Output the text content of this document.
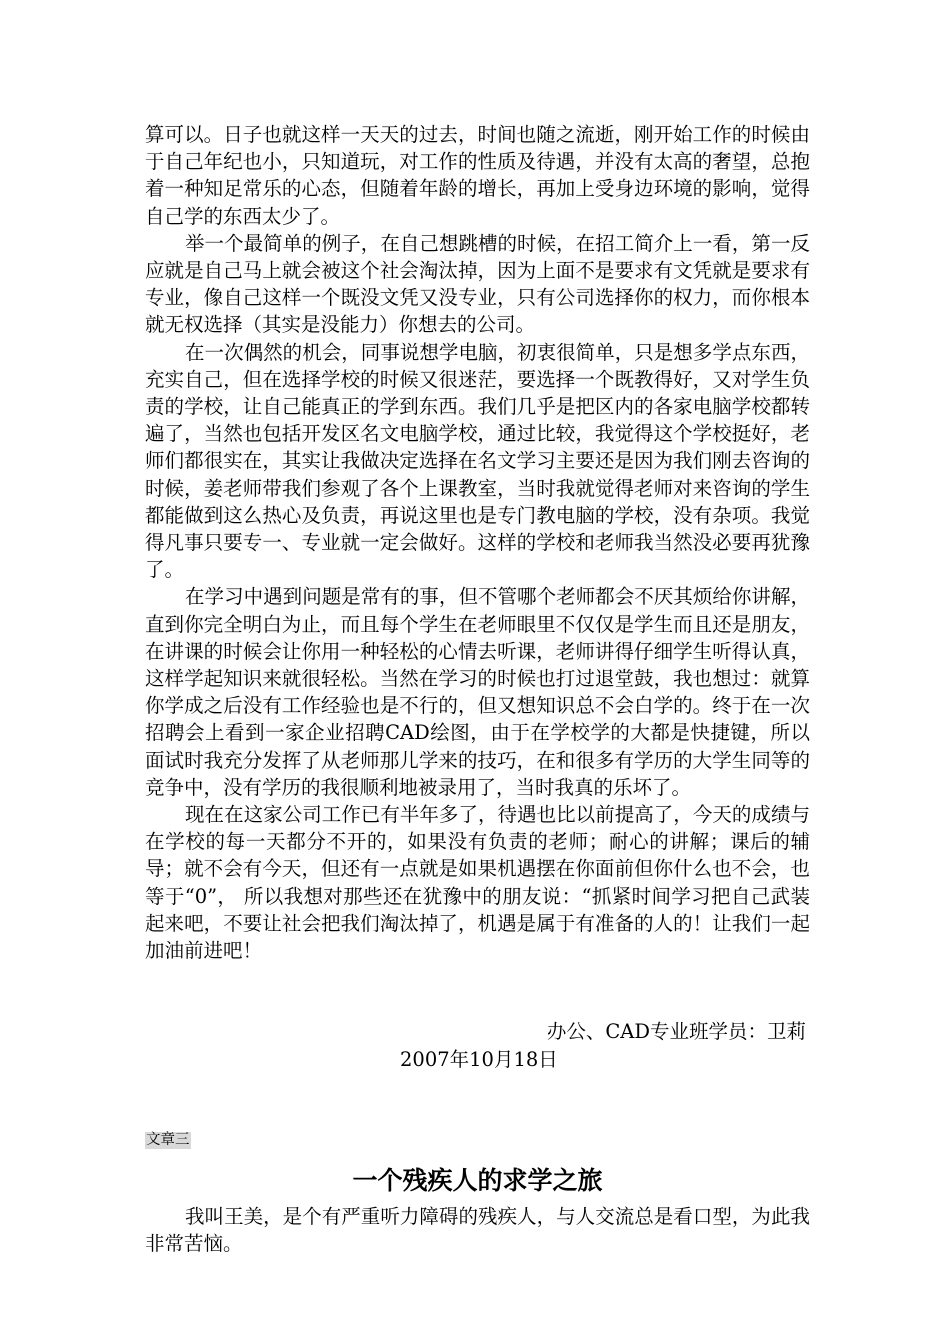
算可以。日子也就这样一天天的过去，时间也随之流逝，刚开始工作的时候由于自己年纪也小，只知道玩，对工作的性质及待遇，并没有太高的奢望，总抱着一种知足常乐的心态，但随着年龄的增长，再加上受身边环境的影响，觉得自己学的东西太少了。

举一个最简单的例子，在自己想跳槽的时候，在招工简介上一看，第一反应就是自己马上就会被这个社会淘汰掉，因为上面不是要求有文凭就是要求有专业，像自己这样一个既没文凭又没专业，只有公司选择你的权力，而你根本就无权选择（其实是没能力）你想去的公司。

在一次偶然的机会，同事说想学电脑，初衷很简单，只是想多学点东西，充实自己，但在选择学校的时候又很迷茫，要选择一个既教得好，又对学生负责的学校，让自己能真正的学到东西。我们几乎是把区内的各家电脑学校都转遍了，当然也包括开发区名文电脑学校，通过比较，我觉得这个学校挺好，老师们都很实在，其实让我做决定选择在名文学习主要还是因为我们刚去咨询的时候，姜老师带我们参观了各个上课教室，当时我就觉得老师对来咨询的学生都能做到这么热心及负责，再说这里也是专门教电脑的学校，没有杂项。我觉得凡事只要专一、专业就一定会做好。这样的学校和老师我当然没必要再犹豫了。

在学习中遇到问题是常有的事，但不管哪个老师都会不厌其烦给你讲解，直到你完全明白为止，而且每个学生在老师眼里不仅仅是学生而且还是朋友，在讲课的时候会让你用一种轻松的心情去听课，老师讲得仔细学生听得认真，这样学起知识来就很轻松。当然在学习的时候也打过退堂鼓，我也想过：就算你学成之后没有工作经验也是不行的，但又想知识总不会白学的。终于在一次招聘会上看到一家企业招聘CAD绘图，由于在学校学的大都是快捷键，所以面试时我充分发挥了从老师那儿学来的技巧，在和很多有学历的大学生同等的竞争中，没有学历的我很顺利地被录用了，当时我真的乐坏了。

现在在这家公司工作已有半年多了，待遇也比以前提高了，今天的成绩与在学校的每一天都分不开的，如果没有负责的老师；耐心的讲解；课后的辅导；就不会有今天，但还有一点就是如果机遇摆在你面前但你什么也不会，也等于“0”， 所以我想对那些还在犹豫中的朋友说：“抓紧时间学习把自己武装起来吧，不要让社会把我们淘汰掉了，机遇是属于有准备的人的！让我们一起加油前进吧！

办公、CAD专业班学员：卫莉
2007年10月18日
文章三
一个残疾人的求学之旅

我叫王美，是个有严重听力障碍的残疾人，与人交流总是看口型，为此我非常苦恼。
